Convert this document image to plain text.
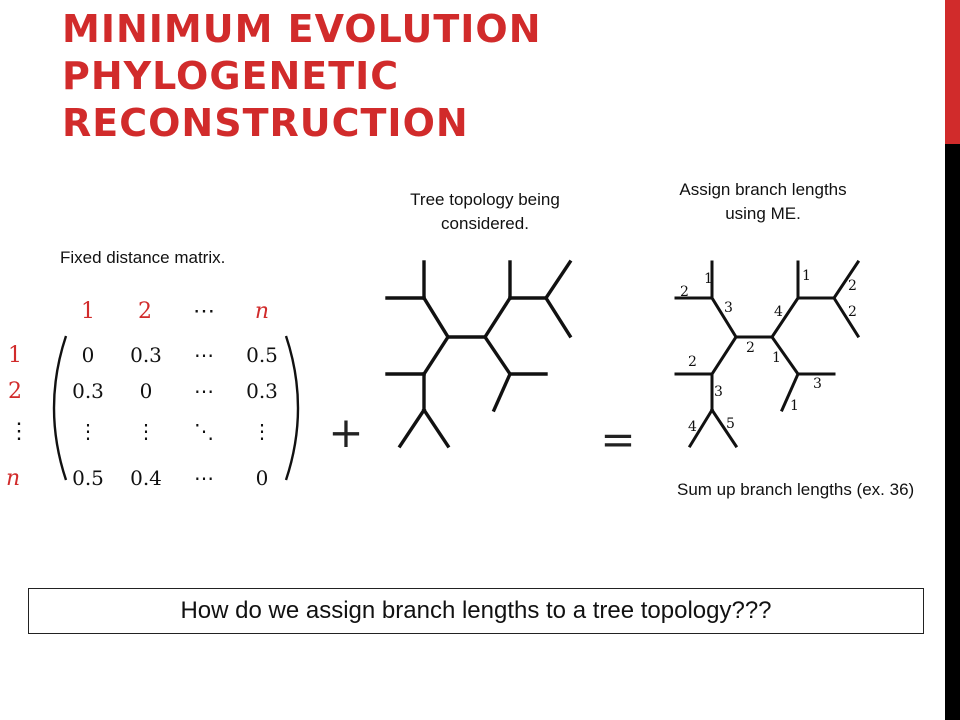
MINIMUM EVOLUTION
PHYLOGENETIC
RECONSTRUCTION
Tree topology being considered.
Assign branch lengths using ME.
Fixed distance matrix.
Sum up branch lengths (ex. 36)
1 2 ⋯ n
1
2
⋮
n
0 0.3 ⋯ 0.5
0.3 0 ⋯ 0.3
⋮ ⋮ ⋱ ⋮
0.5 0.4 ⋯ 0
+	=
2
1
3	4
1
2
2
2
2	1
3
3
1
4 5
How do we assign branch lengths to a tree topology???
